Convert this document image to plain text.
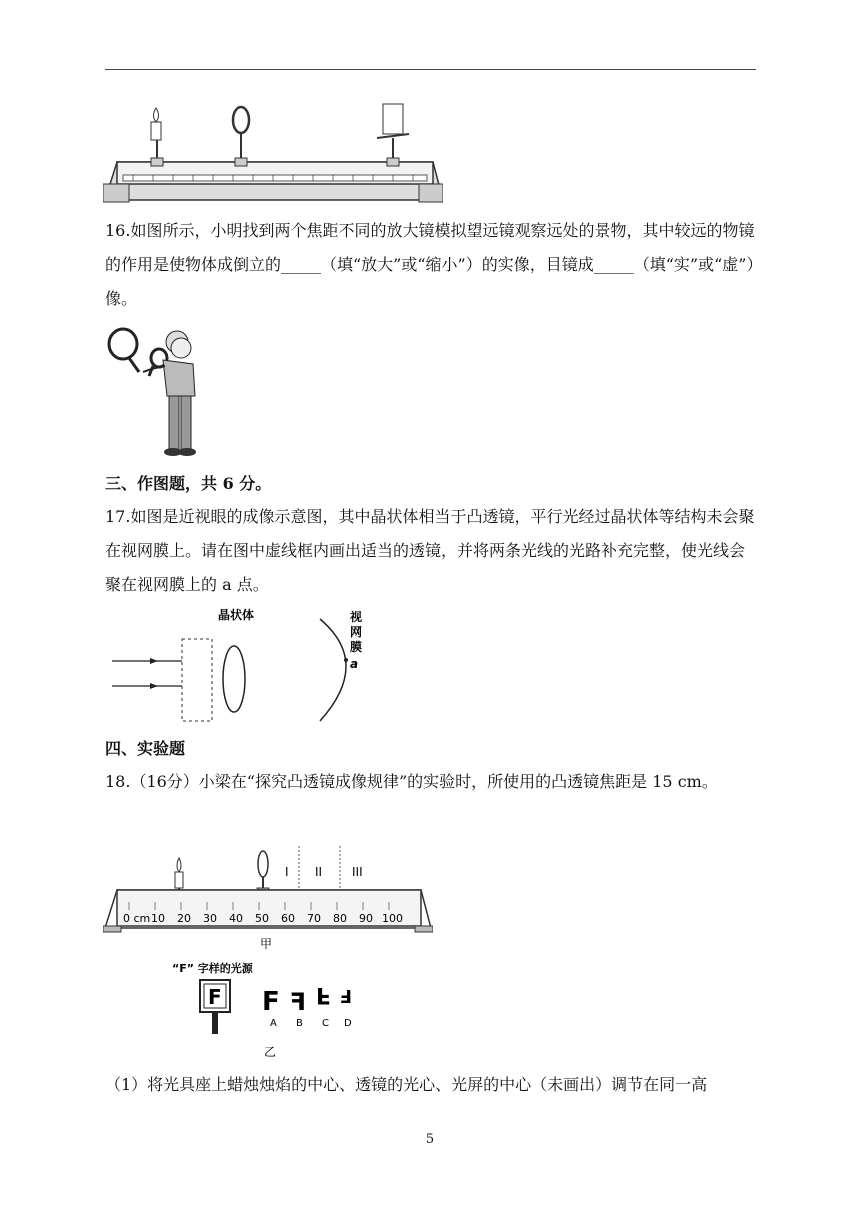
16.如图所示，小明找到两个焦距不同的放大镜模拟望远镜观察远处的景物，其中较远的物镜的作用是使物体成倒立的_____（填“放大”或“缩小”）的实像，目镜成_____（填“实”或“虚”）像。

三、作图题，共 6 分。

17.如图是近视眼的成像示意图，其中晶状体相当于凸透镜，平行光经过晶状体等结构未会聚在视网膜上。请在图中虚线框内画出适当的透镜，并将两条光线的光路补充完整，使光线会聚在视网膜上的 a 点。

晶状体	视
网
膜
a
四、实验题

18.（16分）小梁在“探究凸透镜成像规律”的实验时，所使用的凸透镜焦距是 15 cm。

I II III
0 cm 10 20 30 40 50 60 70 80 90 100
甲
“F” 字样的光源
F F F F F
A B C D
乙

（1）将光具座上蜡烛烛焰的中心、透镜的光心、光屏的中心（未画出）调节在同一高

5
